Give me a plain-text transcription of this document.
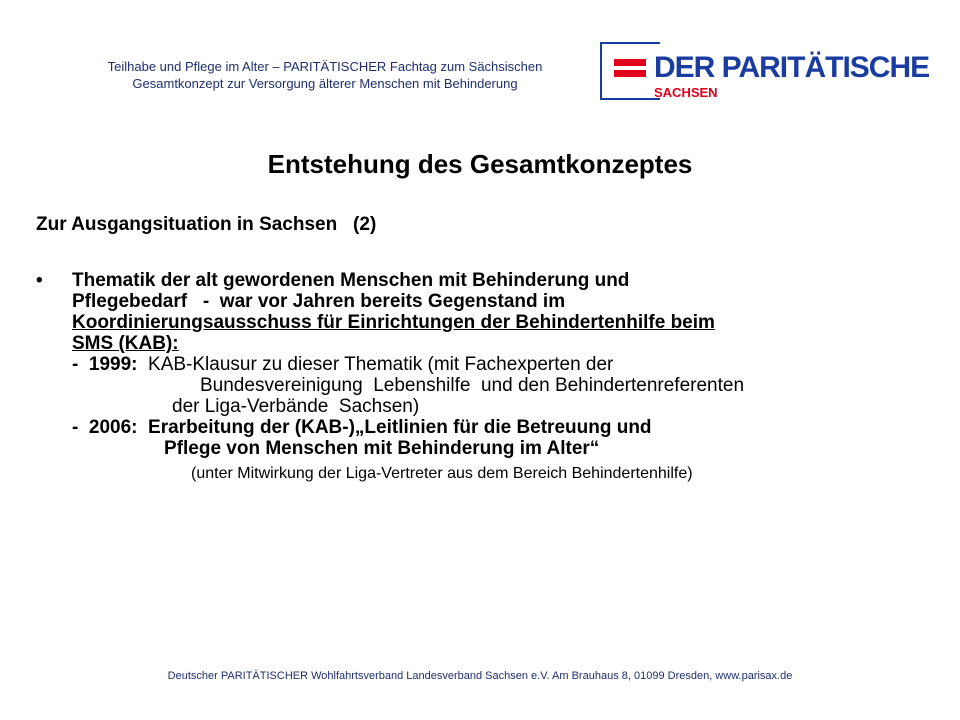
Teilhabe und Pflege im Alter – PARITÄTISCHER Fachtag zum Sächsischen
Gesamtkonzept zur Versorgung älterer Menschen mit Behinderung	DER PARITÄTISCHE
SACHSEN
Entstehung des Gesamtkonzeptes
Zur Ausgangsituation in Sachsen   (2)
• Thematik der alt gewordenen Menschen mit Behinderung und
Pflegebedarf   -  war vor Jahren bereits Gegenstand im
Koordinierungsausschuss für Einrichtungen der Behindertenhilfe beim
SMS (KAB):
-  1999:  KAB-Klausur zu dieser Thematik (mit Fachexperten der
Bundesvereinigung  Lebenshilfe  und den Behindertenreferenten
der Liga-Verbände  Sachsen)
-  2006:  Erarbeitung der (KAB-)„Leitlinien für die Betreuung und
Pflege von Menschen mit Behinderung im Alter“
(unter Mitwirkung der Liga-Vertreter aus dem Bereich Behindertenhilfe)
Deutscher PARITÄTISCHER Wohlfahrtsverband Landesverband Sachsen e.V. Am Brauhaus 8, 01099 Dresden, www.parisax.de
